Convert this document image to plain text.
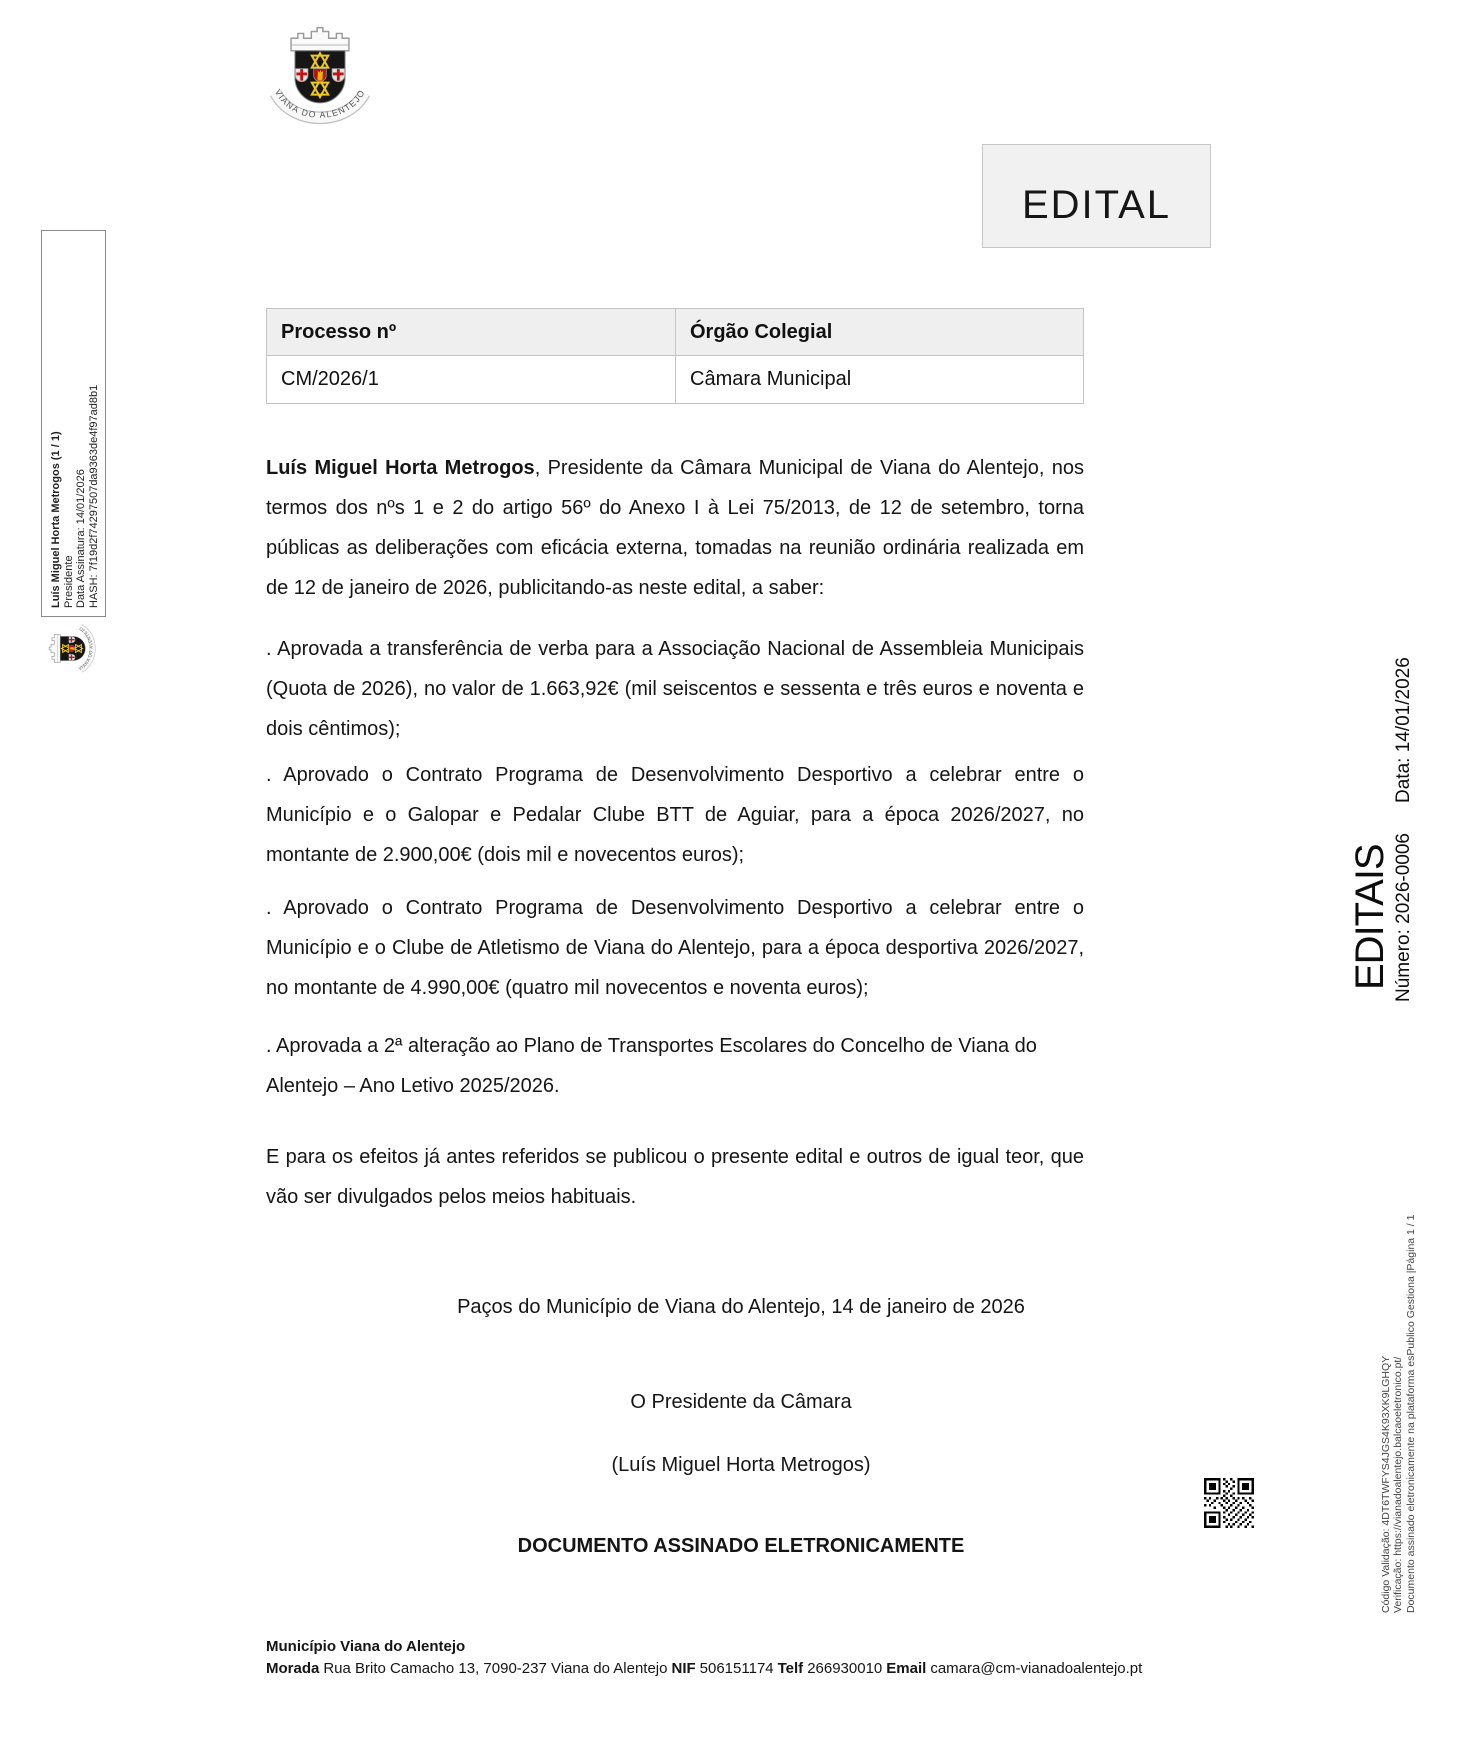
EDITAL
Processo nº	Órgão Colegial
CM/2026/1	Câmara Municipal

Luís Miguel Horta Metrogos, Presidente da Câmara Municipal de Viana do Alentejo, nos termos dos nºs 1 e 2 do artigo 56º do Anexo I à Lei 75/2013, de 12 de setembro, torna públicas as deliberações com eficácia externa, tomadas na reunião ordinária realizada em de 12 de janeiro de 2026, publicitando-as neste edital, a saber:

. Aprovada a transferência de verba para a Associação Nacional de Assembleia Municipais (Quota de 2026), no valor de 1.663,92€ (mil seiscentos e sessenta e três euros e noventa e dois cêntimos);

. Aprovado o Contrato Programa de Desenvolvimento Desportivo a celebrar entre o Município e o Galopar e Pedalar Clube BTT de Aguiar, para a época 2026/2027, no montante de 2.900,00€ (dois mil e novecentos euros);

. Aprovado o Contrato Programa de Desenvolvimento Desportivo a celebrar entre o Município e o Clube de Atletismo de Viana do Alentejo, para a época desportiva 2026/2027, no montante de 4.990,00€ (quatro mil novecentos e noventa euros);

. Aprovada a 2ª alteração ao Plano de Transportes Escolares do Concelho de Viana do Alentejo – Ano Letivo 2025/2026.

E para os efeitos já antes referidos se publicou o presente edital e outros de igual teor, que vão ser divulgados pelos meios habituais.

Paços do Município de Viana do Alentejo, 14 de janeiro de 2026

O Presidente da Câmara

(Luís Miguel Horta Metrogos)

DOCUMENTO ASSINADO ELETRONICAMENTE

Luís Miguel Horta Metrogos (1 / 1) Presidente Data Assinatura: 14/01/2026 HASH: 7f19d2f74297507da9363de4f97ad8b1
EDITAIS Número: 2026-0006Data: 14/01/2026
Código Validação: 4DT6TWFYS4JGS4K93XK9LGHQY Verificação: https://vianadoalentejo.balcaoeletronico.pt/ Documento assinado eletronicamente na plataforma esPublico Gestiona |Página 1 / 1
Município Viana do Alentejo
Morada Rua Brito Camacho 13, 7090-237 Viana do Alentejo NIF 506151174 Telf 266930010 Email camara@cm-vianadoalentejo.pt
